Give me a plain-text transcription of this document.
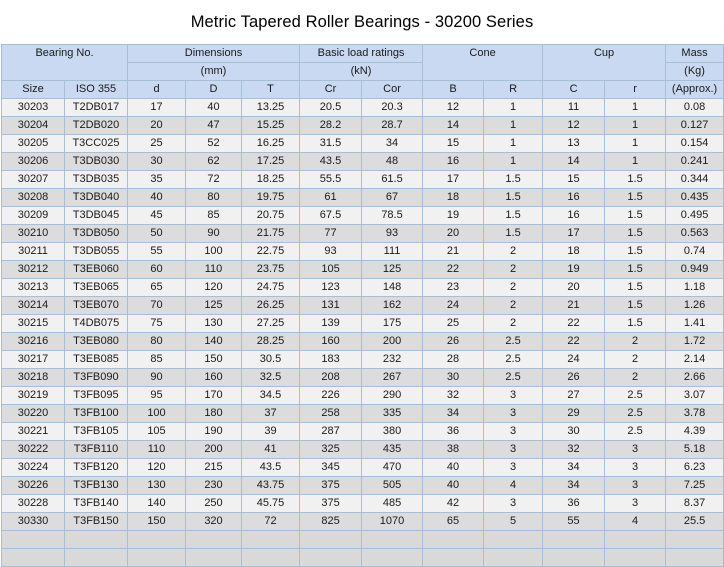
Metric Tapered Roller Bearings - 30200 Series
Bearing No.		Dimensions			Basic load ratings		Cone		Cup		Mass
		(mm)			(kN)						(Kg)
Size	ISO 355	d	D	T	Cr	Cor	B	R	C	r	(Approx.)
30203	T2DB017	17	40	13.25	20.5	20.3	12	1	11	1	0.08
30204	T2DB020	20	47	15.25	28.2	28.7	14	1	12	1	0.127
30205	T3CC025	25	52	16.25	31.5	34	15	1	13	1	0.154
30206	T3DB030	30	62	17.25	43.5	48	16	1	14	1	0.241
30207	T3DB035	35	72	18.25	55.5	61.5	17	1.5	15	1.5	0.344
30208	T3DB040	40	80	19.75	61	67	18	1.5	16	1.5	0.435
30209	T3DB045	45	85	20.75	67.5	78.5	19	1.5	16	1.5	0.495
30210	T3DB050	50	90	21.75	77	93	20	1.5	17	1.5	0.563
30211	T3DB055	55	100	22.75	93	111	21	2	18	1.5	0.74
30212	T3EB060	60	110	23.75	105	125	22	2	19	1.5	0.949
30213	T3EB065	65	120	24.75	123	148	23	2	20	1.5	1.18
30214	T3EB070	70	125	26.25	131	162	24	2	21	1.5	1.26
30215	T4DB075	75	130	27.25	139	175	25	2	22	1.5	1.41
30216	T3EB080	80	140	28.25	160	200	26	2.5	22	2	1.72
30217	T3EB085	85	150	30.5	183	232	28	2.5	24	2	2.14
30218	T3FB090	90	160	32.5	208	267	30	2.5	26	2	2.66
30219	T3FB095	95	170	34.5	226	290	32	3	27	2.5	3.07
30220	T3FB100	100	180	37	258	335	34	3	29	2.5	3.78
30221	T3FB105	105	190	39	287	380	36	3	30	2.5	4.39
30222	T3FB110	110	200	41	325	435	38	3	32	3	5.18
30224	T3FB120	120	215	43.5	345	470	40	3	34	3	6.23
30226	T3FB130	130	230	43.75	375	505	40	4	34	3	7.25
30228	T3FB140	140	250	45.75	375	485	42	3	36	3	8.37
30330	T3FB150	150	320	72	825	1070	65	5	55	4	25.5
